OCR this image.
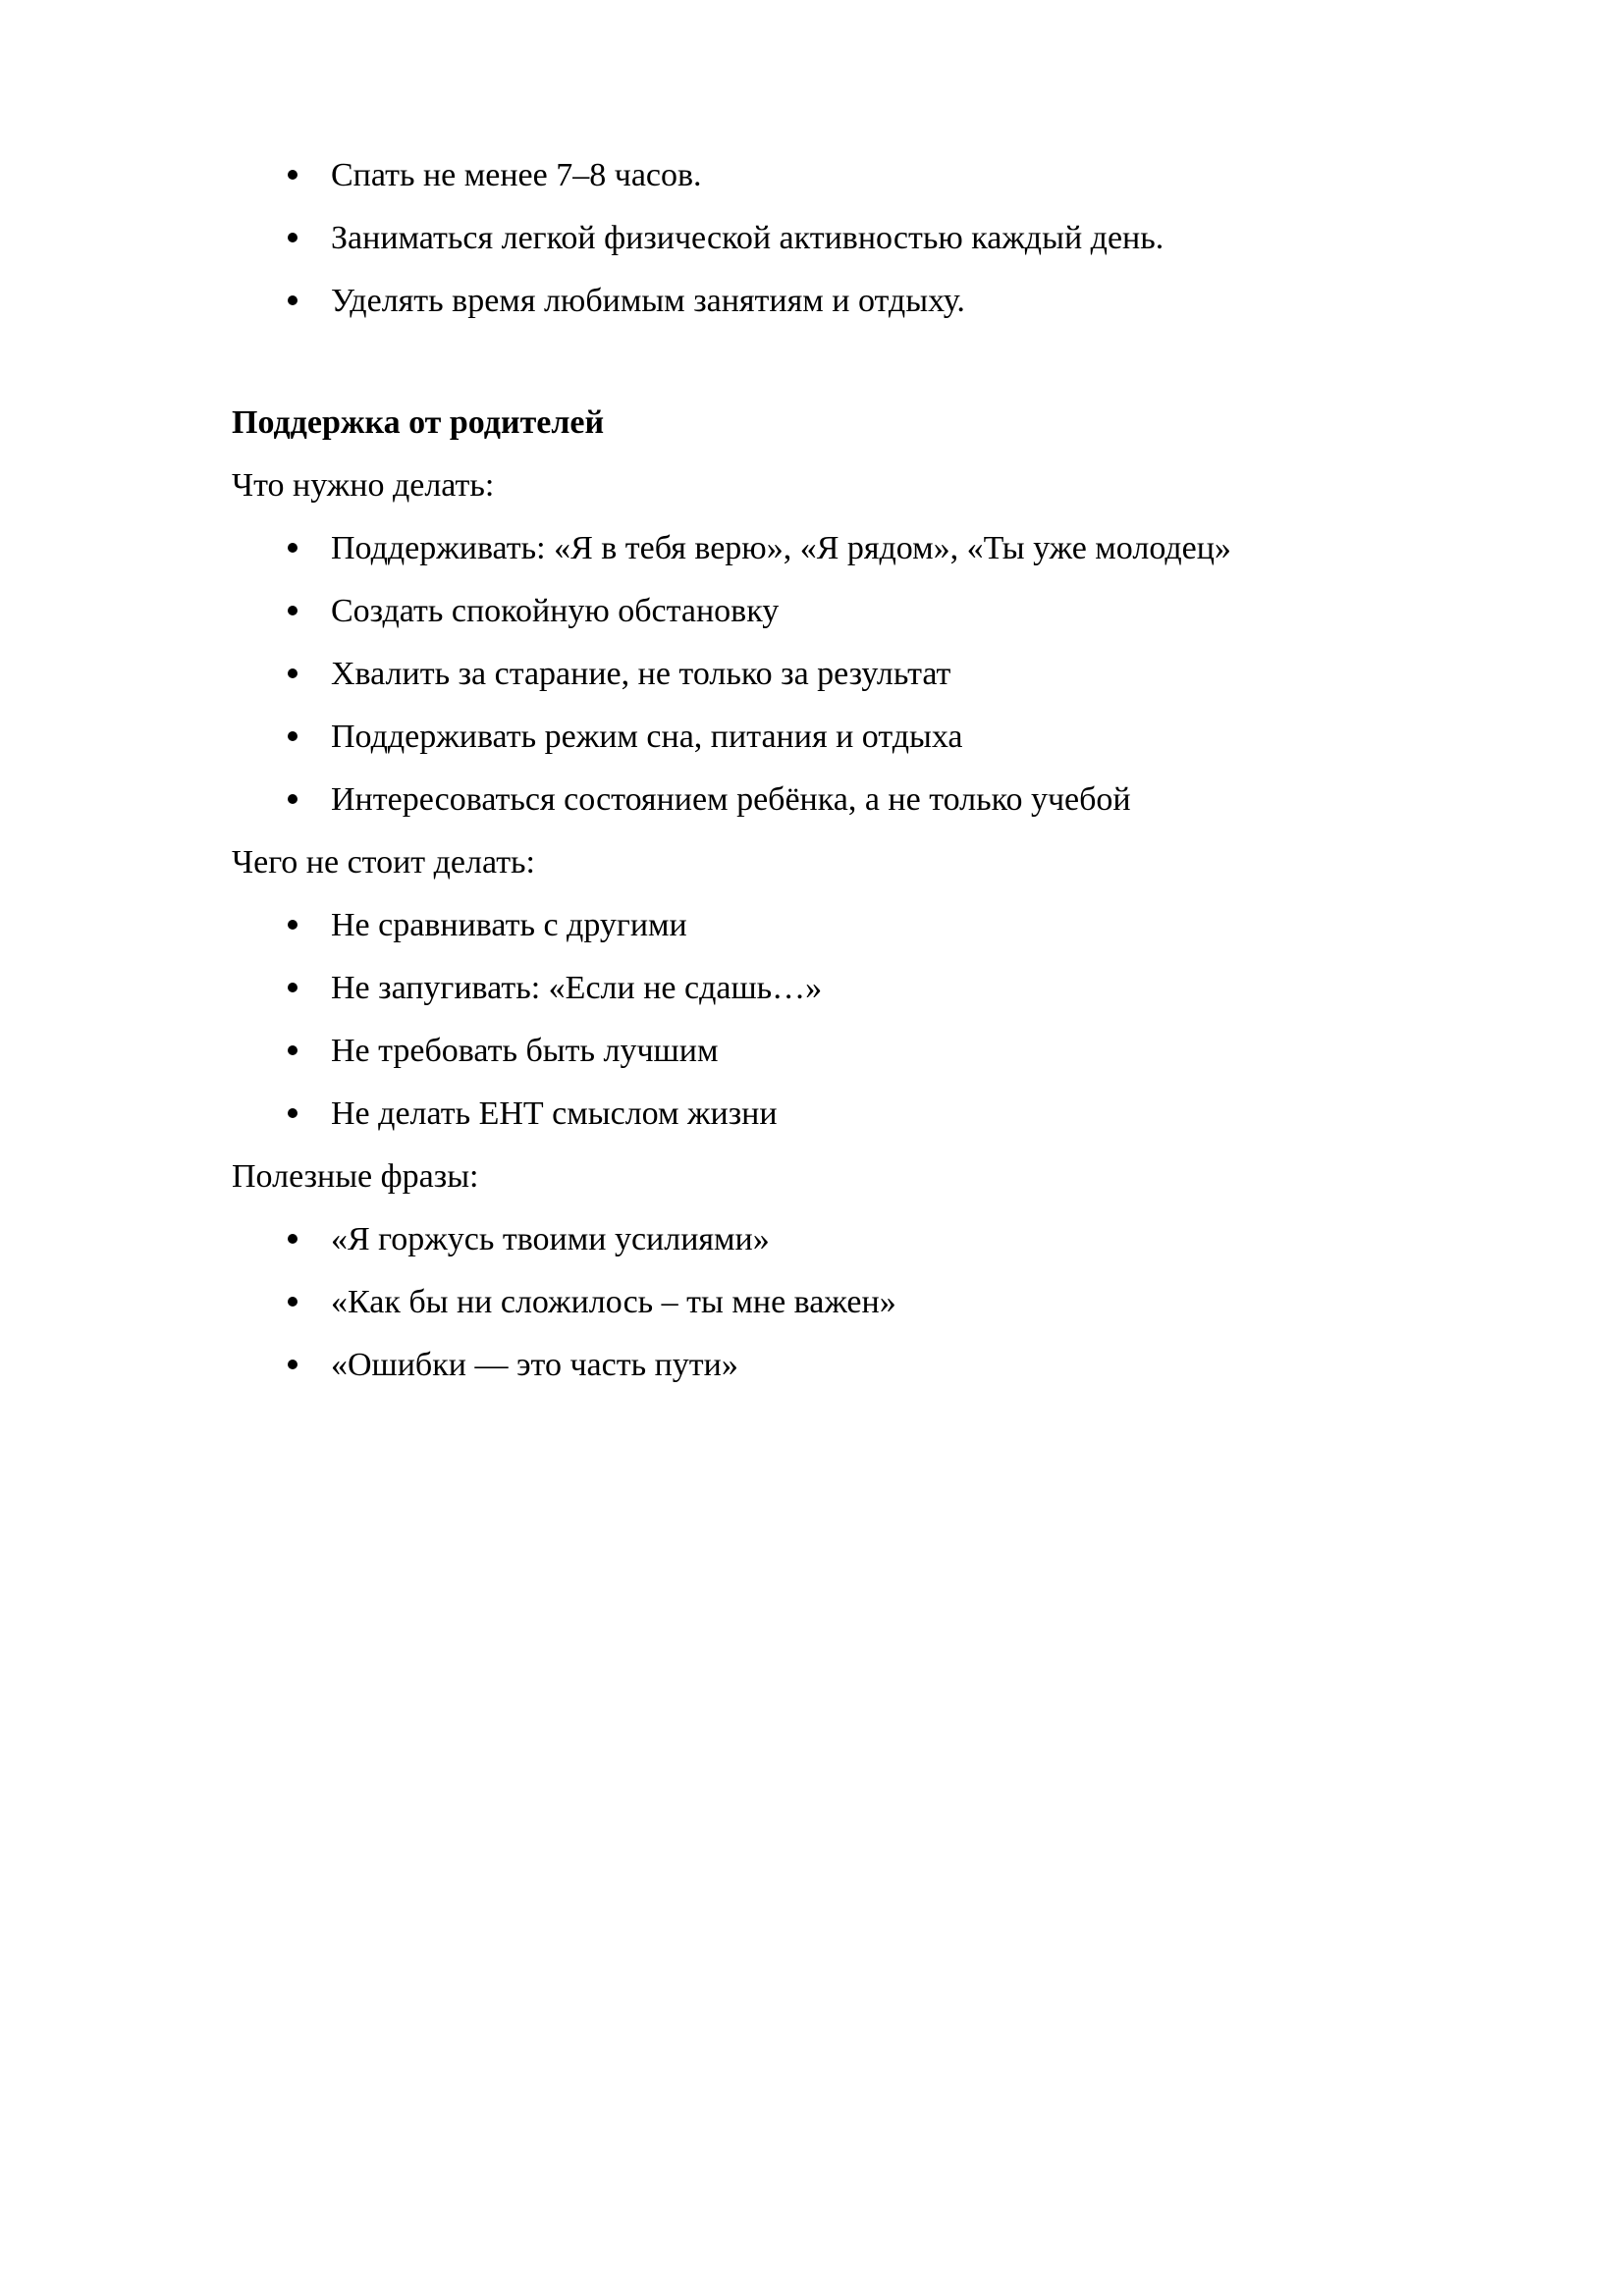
Спать не менее 7–8 часов.
Заниматься легкой физической активностью каждый день.
Уделять время любимым занятиям и отдыху.
Поддержка от родителей

Что нужно делать:

Поддерживать: «Я в тебя верю», «Я рядом», «Ты уже молодец»
Создать спокойную обстановку
Хвалить за старание, не только за результат
Поддерживать режим сна, питания и отдыха
Интересоваться состоянием ребёнка, а не только учебой

Чего не стоит делать:

Не сравнивать с другими
Не запугивать: «Если не сдашь…»
Не требовать быть лучшим
Не делать ЕНТ смыслом жизни

Полезные фразы:

«Я горжусь твоими усилиями»
«Как бы ни сложилось – ты мне важен»
«Ошибки — это часть пути»
